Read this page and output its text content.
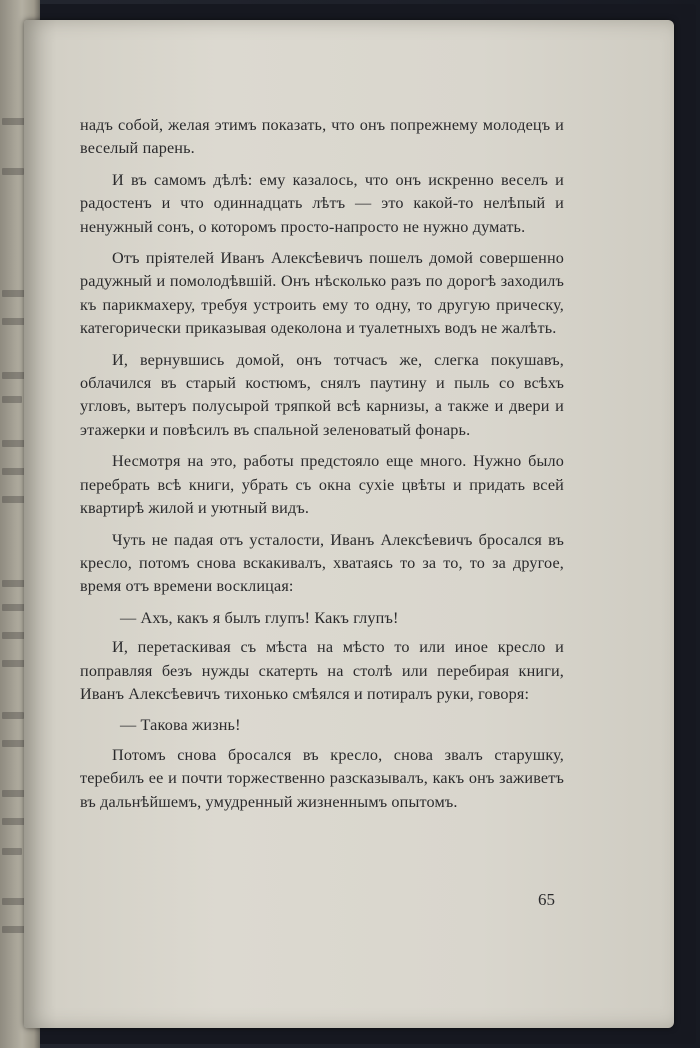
надъ собой, желая этимъ показать, что онъ попрежнему молодецъ и веселый парень.

И въ самомъ дѣлѣ: ему казалось, что онъ искренно веселъ и радостенъ и что одиннадцать лѣтъ — это какой-то нелѣпый и ненужный сонъ, о которомъ просто-напросто не нужно думать.

Отъ пріятелей Иванъ Алексѣевичъ пошелъ домой совершенно радужный и помолодѣвшій. Онъ нѣсколько разъ по дорогѣ заходилъ къ парикмахеру, требуя устроить ему то одну, то другую прическу, категорически приказывая одеколона и туалетныхъ водъ не жалѣть.

И, вернувшись домой, онъ тотчасъ же, слегка покушавъ, облачился въ старый костюмъ, снялъ паутину и пыль со всѣхъ угловъ, вытеръ полусырой тряпкой всѣ карнизы, а также и двери и этажерки и повѣсилъ въ спальной зеленоватый фонарь.

Несмотря на это, работы предстояло еще много. Нужно было перебрать всѣ книги, убрать съ окна сухіе цвѣты и придать всей квартирѣ жилой и уютный видъ.

Чуть не падая отъ усталости, Иванъ Алексѣевичъ бросался въ кресло, потомъ снова вскакивалъ, хватаясь то за то, то за другое, время отъ времени восклицая:

— Ахъ, какъ я былъ глупъ! Какъ глупъ!

И, перетаскивая съ мѣста на мѣсто то или иное кресло и поправляя безъ нужды скатерть на столѣ или перебирая книги, Иванъ Алексѣевичъ тихонько смѣялся и потиралъ руки, говоря:

— Такова жизнь!

Потомъ снова бросался въ кресло, снова звалъ старушку, теребилъ ее и почти торжественно разсказывалъ, какъ онъ заживетъ въ дальнѣйшемъ, умудренный жизненнымъ опытомъ.

65
